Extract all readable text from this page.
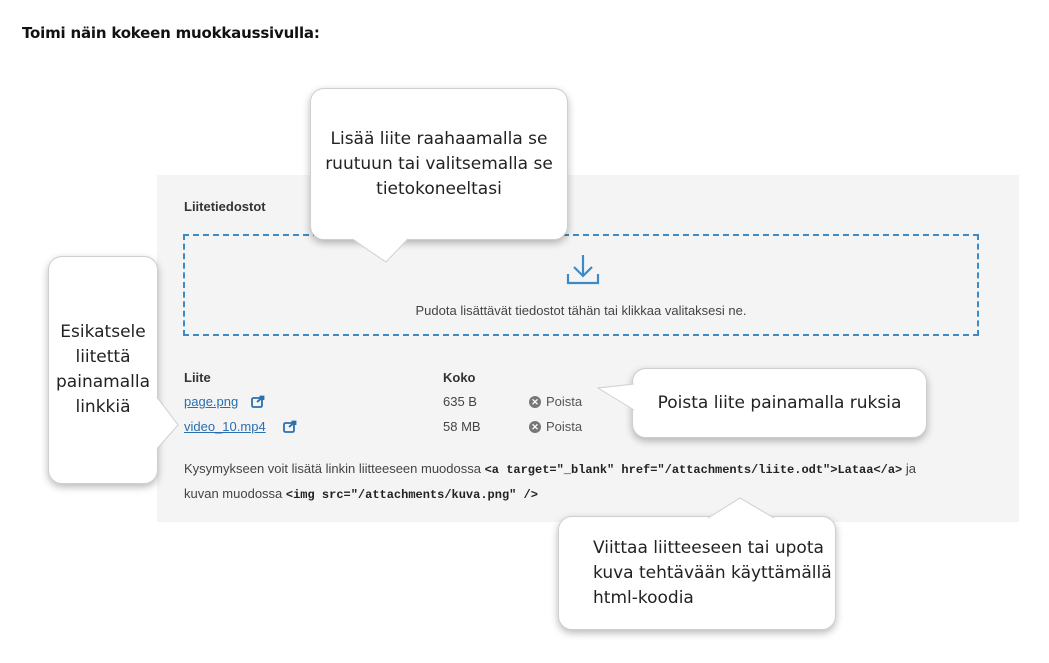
Toimi näin kokeen muokkaussivulla:
Liitetiedostot
Pudota lisättävät tiedostot tähän tai klikkaa valitaksesi ne.
Liite	Koko
page.png	635 B	✕ Poista
video_10.mp4	58 MB	✕ Poista
Kysymykseen voit lisätä linkin liitteeseen muodossa <a target="_blank" href="/attachments/liite.odt">Lataa</a> ja
kuvan muodossa <img src="/attachments/kuva.png" />
Lisää liite raahaamalla se ruutuun tai valitsemalla se tietokoneeltasi
Esikatsele liitettä painamalla linkkiä	Poista liite painamalla ruksia
Viittaa liitteeseen tai upota kuva tehtävään käyttämällä html-koodia
